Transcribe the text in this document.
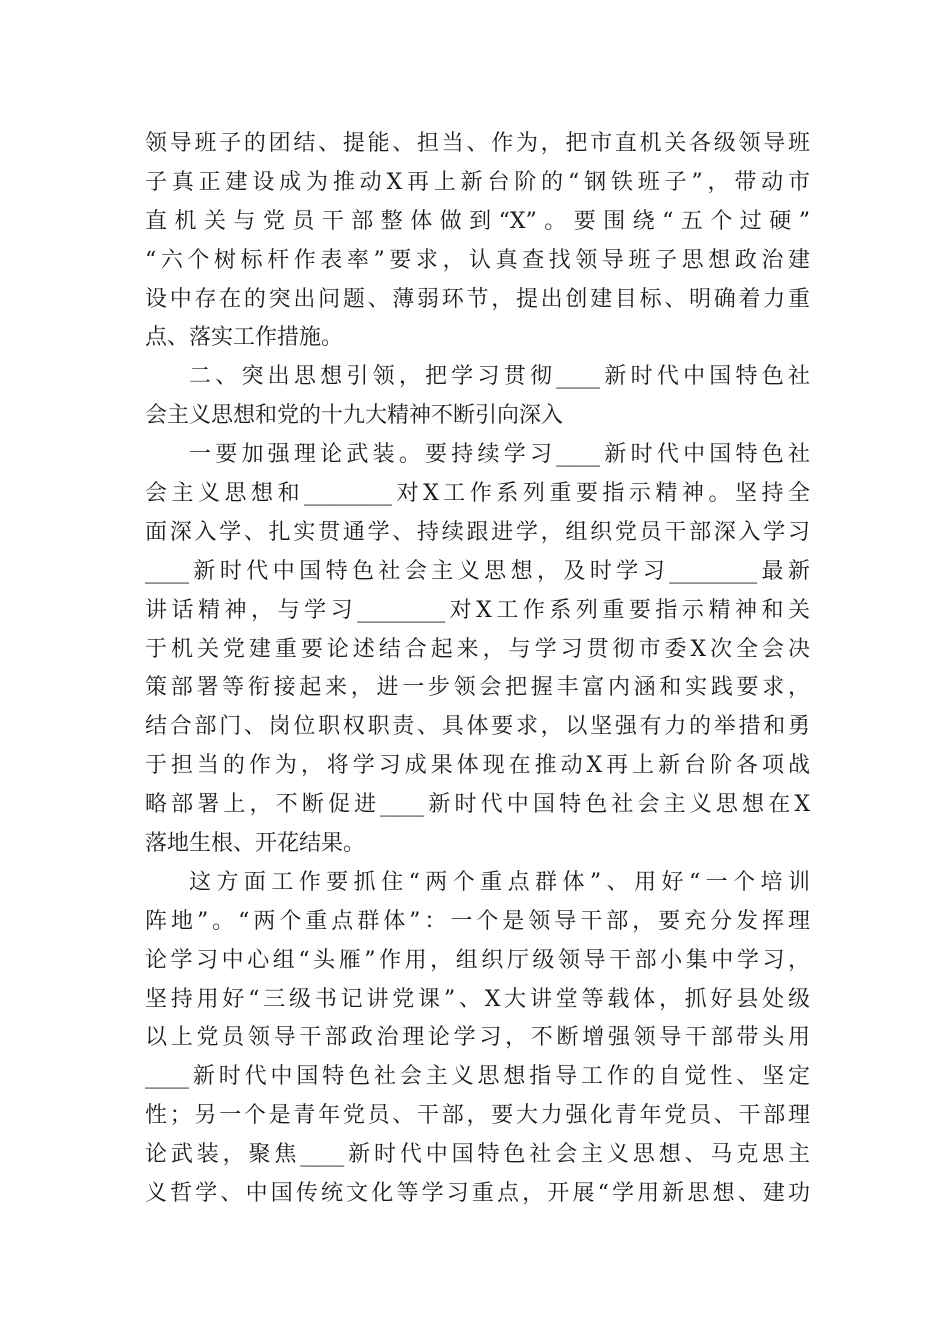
领导班子的团结、提能、担当、作为，把市直机关各级领导班
子真正建设成为推动X再上新台阶的“钢铁班子”，带动市
直机关与党员干部整体做到“X”。要围绕“五个过硬”
“六个树标杆作表率”要求，认真查找领导班子思想政治建
设中存在的突出问题、薄弱环节，提出创建目标、明确着力重
点、落实工作措施。
二、突出思想引领，把学习贯彻____新时代中国特色社
会主义思想和党的十九大精神不断引向深入
一要加强理论武装。要持续学习____新时代中国特色社
会主义思想和________对X工作系列重要指示精神。坚持全
面深入学、扎实贯通学、持续跟进学，组织党员干部深入学习
____新时代中国特色社会主义思想，及时学习________最新
讲话精神，与学习________对X工作系列重要指示精神和关
于机关党建重要论述结合起来，与学习贯彻市委X次全会决
策部署等衔接起来，进一步领会把握丰富内涵和实践要求，
结合部门、岗位职权职责、具体要求，以坚强有力的举措和勇
于担当的作为，将学习成果体现在推动X再上新台阶各项战
略部署上，不断促进____新时代中国特色社会主义思想在X
落地生根、开花结果。
这方面工作要抓住“两个重点群体”、用好“一个培训
阵地”。“两个重点群体”：一个是领导干部，要充分发挥理
论学习中心组“头雁”作用，组织厅级领导干部小集中学习，
坚持用好“三级书记讲党课”、X大讲堂等载体，抓好县处级
以上党员领导干部政治理论学习，不断增强领导干部带头用
____新时代中国特色社会主义思想指导工作的自觉性、坚定
性；另一个是青年党员、干部，要大力强化青年党员、干部理
论武装，聚焦____新时代中国特色社会主义思想、马克思主
义哲学、中国传统文化等学习重点，开展“学用新思想、建功
